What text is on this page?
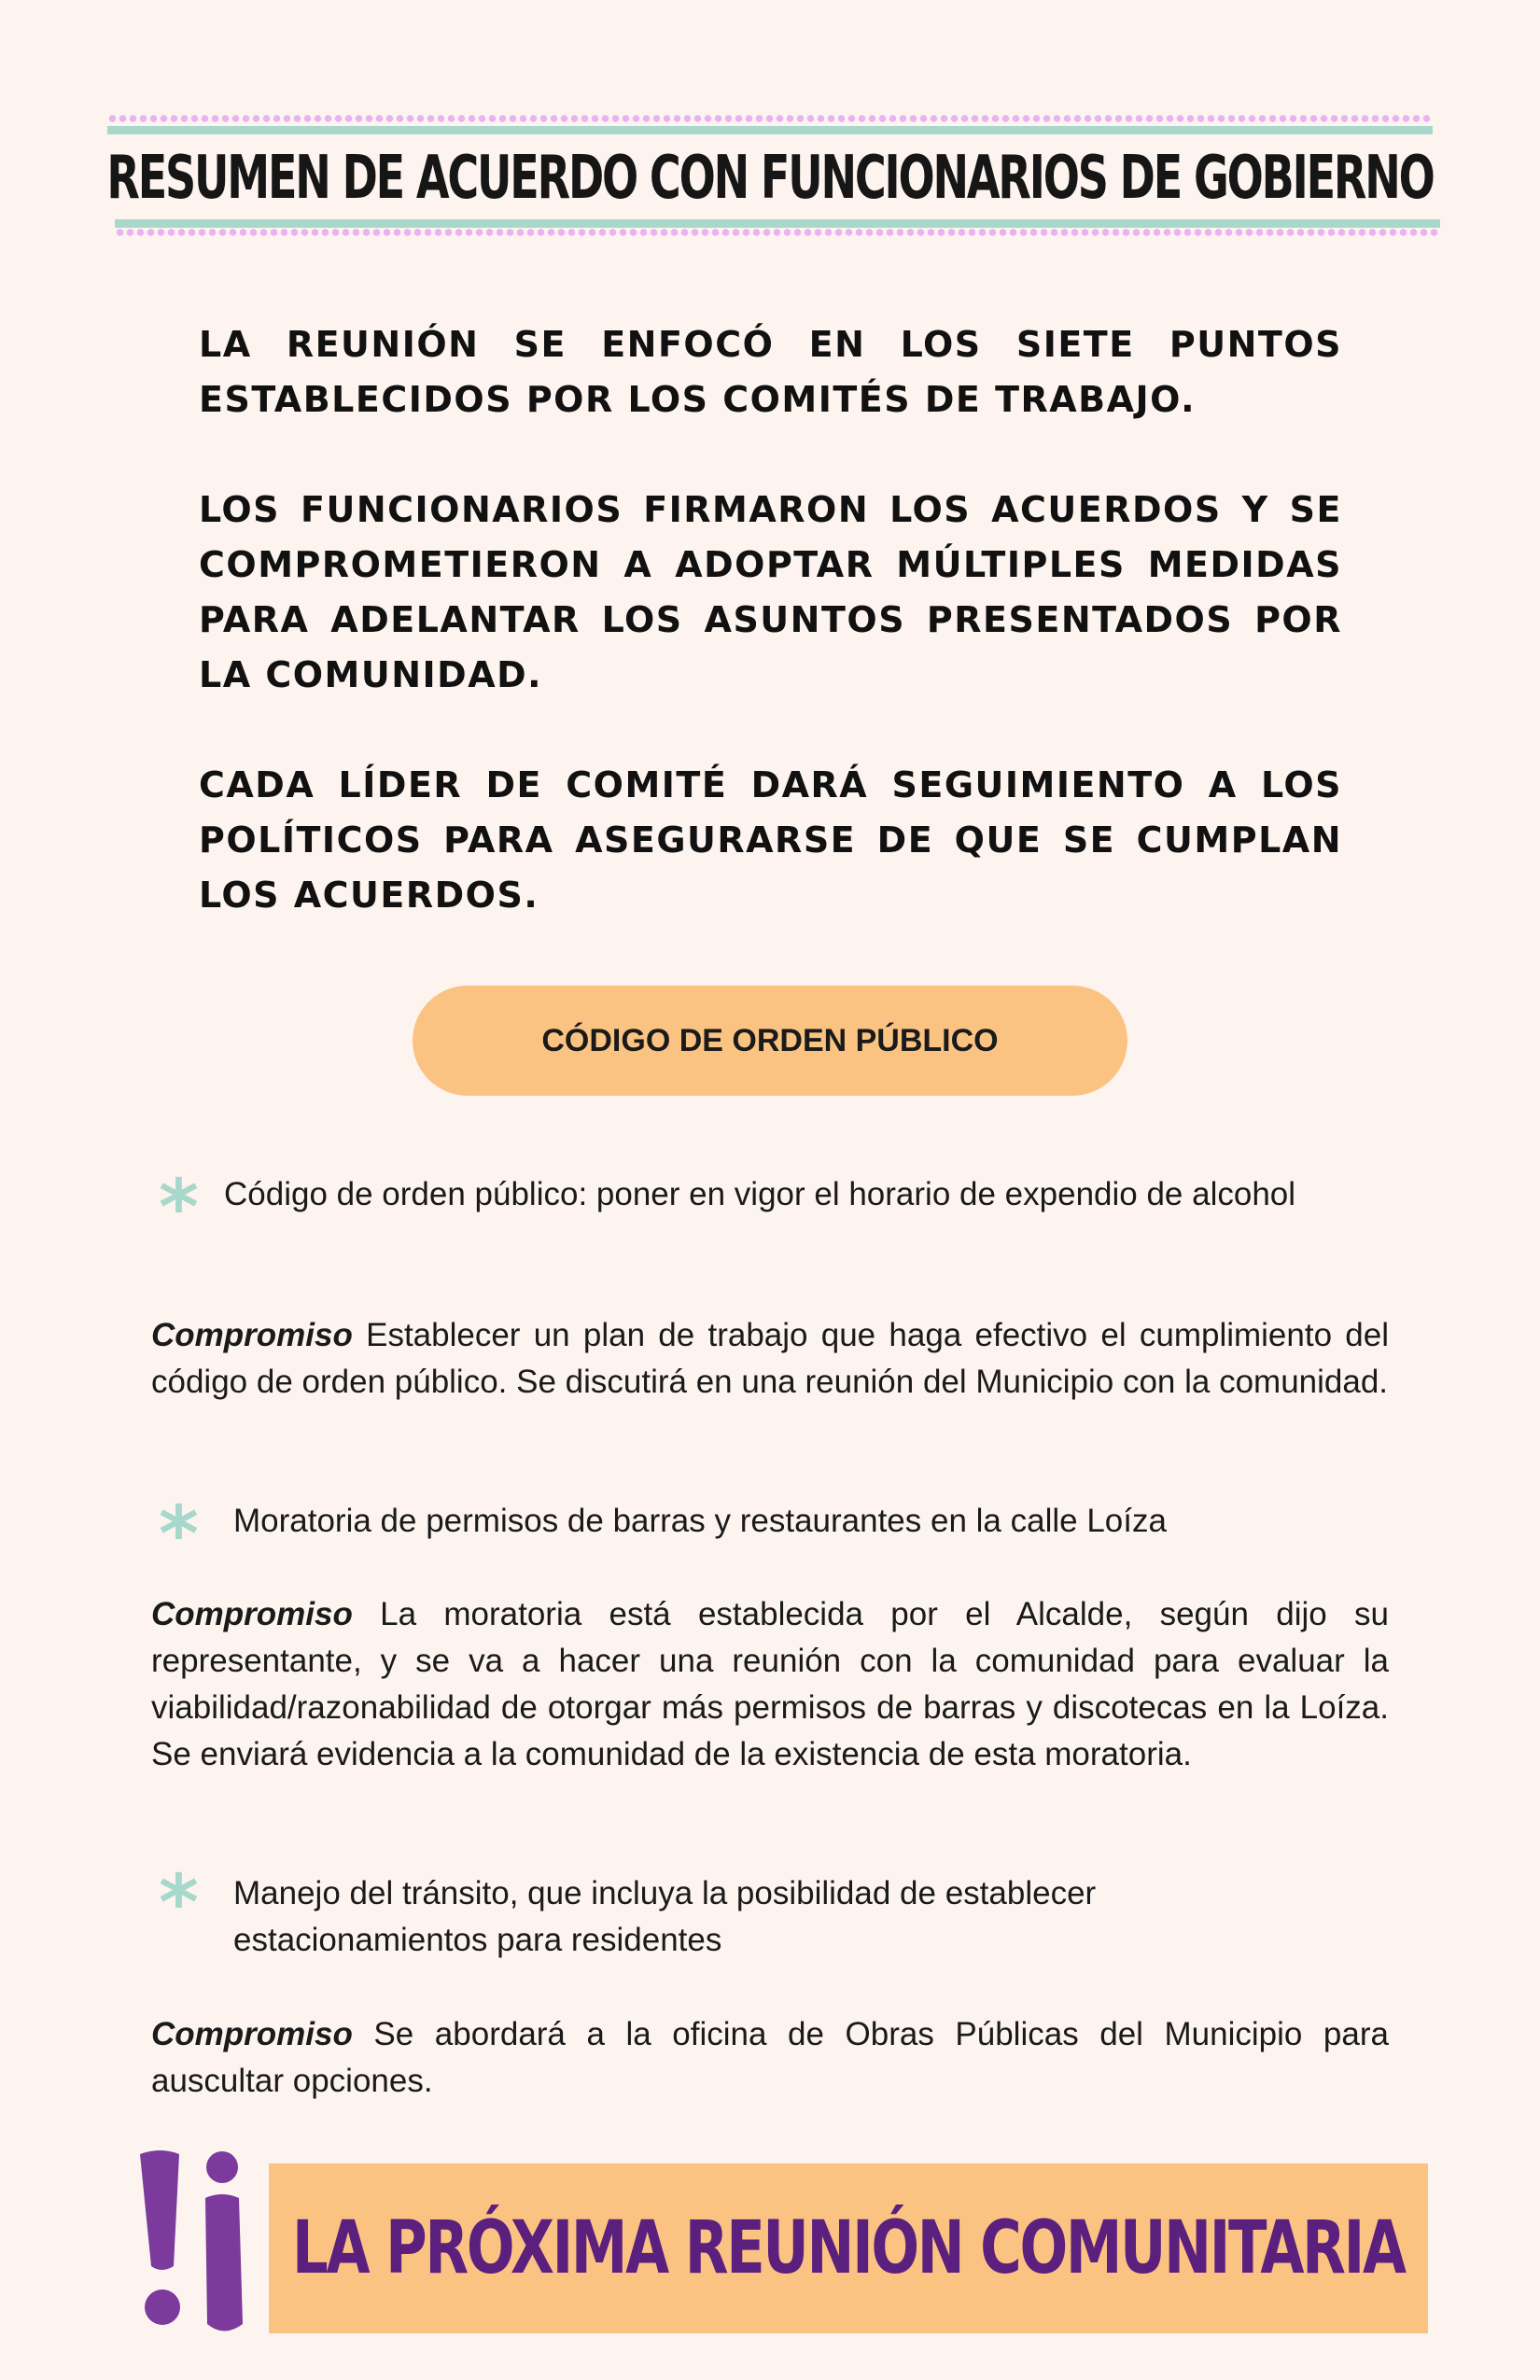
RESUMEN DE ACUERDO CON FUNCIONARIOS DE GOBIERNO

LA REUNIÓN SE ENFOCÓ EN LOS SIETE PUNTOS ESTABLECIDOS POR LOS COMITÉS DE TRABAJO.

LOS FUNCIONARIOS FIRMARON LOS ACUERDOS Y SE COMPROMETIERON A ADOPTAR MÚLTIPLES MEDIDAS PARA ADELANTAR LOS ASUNTOS PRESENTADOS POR LA COMUNIDAD.

CADA LÍDER DE COMITÉ DARÁ SEGUIMIENTO A LOS POLÍTICOS PARA ASEGURARSE DE QUE SE CUMPLAN LOS ACUERDOS.

CÓDIGO DE ORDEN PÚBLICO
* Código de orden público: poner en vigor el horario de expendio de alcohol
Compromiso Establecer un plan de trabajo que haga efectivo el cumplimiento del código de orden público. Se discutirá en una reunión del Municipio con la comunidad.
* Moratoria de permisos de barras y restaurantes en la calle Loíza
Compromiso La moratoria está establecida por el Alcalde, según dijo su representante, y se va a hacer una reunión con la comunidad para evaluar la viabilidad/razonabilidad de otorgar más permisos de barras y discotecas en la Loíza. Se enviará evidencia a la comunidad de la existencia de esta moratoria.
* Manejo del tránsito, que incluya la posibilidad de establecer estacionamientos para residentes
Compromiso Se abordará a la oficina de Obras Públicas del Municipio para auscultar opciones.
LA PRÓXIMA REUNIÓN COMUNITARIA
